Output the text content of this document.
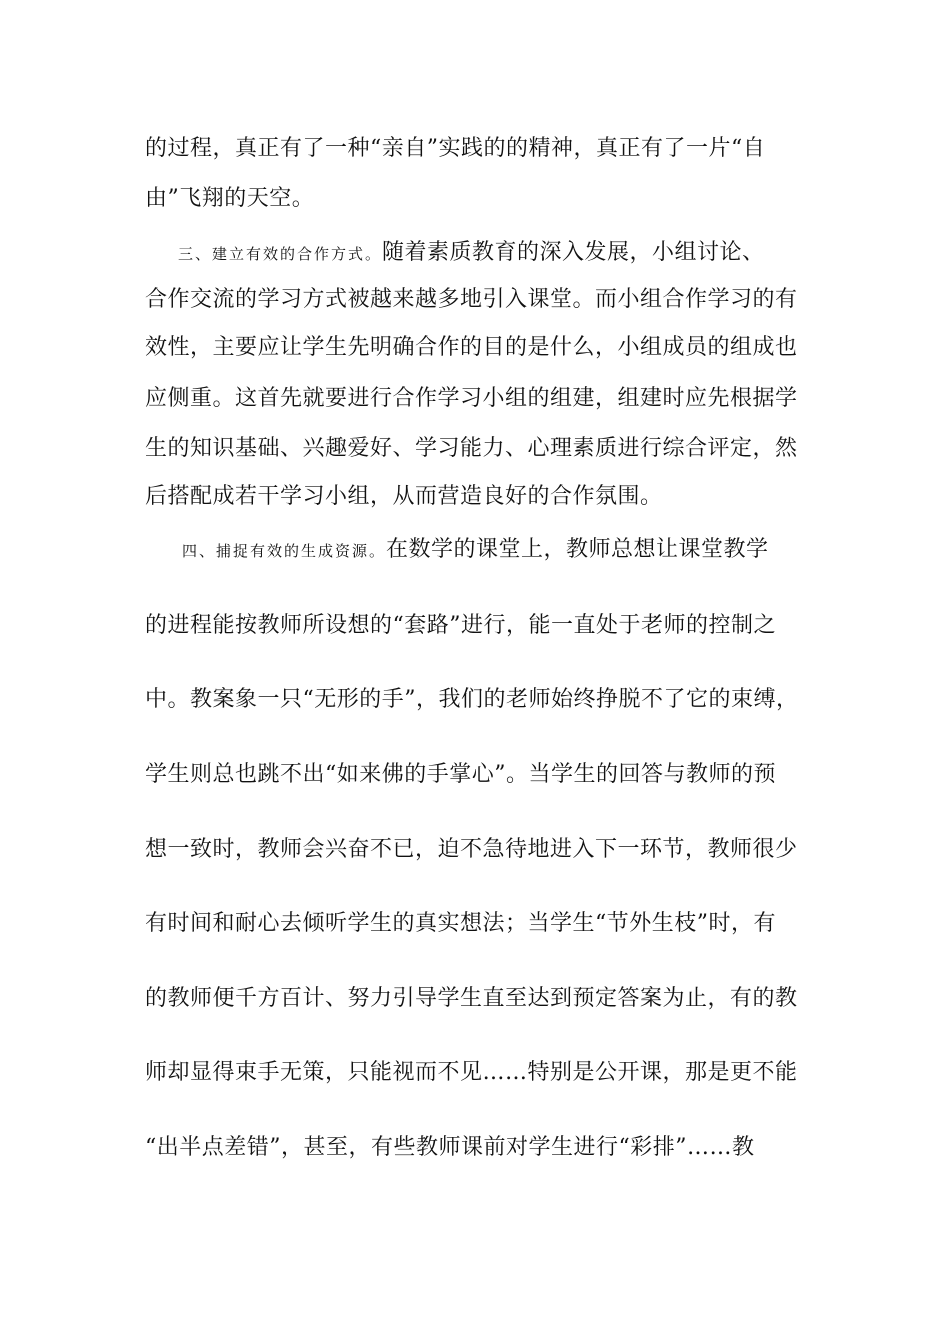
的过程，真正有了一种“亲自”实践的的精神，真正有了一片“自
由”飞翔的天空。
三、建立有效的合作方式。随着素质教育的深入发展，小组讨论、
合作交流的学习方式被越来越多地引入课堂。而小组合作学习的有
效性，主要应让学生先明确合作的目的是什么，小组成员的组成也
应侧重。这首先就要进行合作学习小组的组建，组建时应先根据学
生的知识基础、兴趣爱好、学习能力、心理素质进行综合评定，然
后搭配成若干学习小组，从而营造良好的合作氛围。
四、捕捉有效的生成资源。在数学的课堂上，教师总想让课堂教学
的进程能按教师所设想的“套路”进行，能一直处于老师的控制之
中。教案象一只“无形的手”，我们的老师始终挣脱不了它的束缚，
学生则总也跳不出“如来佛的手掌心”。当学生的回答与教师的预
想一致时，教师会兴奋不已，迫不急待地进入下一环节，教师很少
有时间和耐心去倾听学生的真实想法；当学生“节外生枝”时，有
的教师便千方百计、努力引导学生直至达到预定答案为止，有的教
师却显得束手无策，只能视而不见……特别是公开课，那是更不能
“出半点差错”，甚至，有些教师课前对学生进行“彩排”……教
